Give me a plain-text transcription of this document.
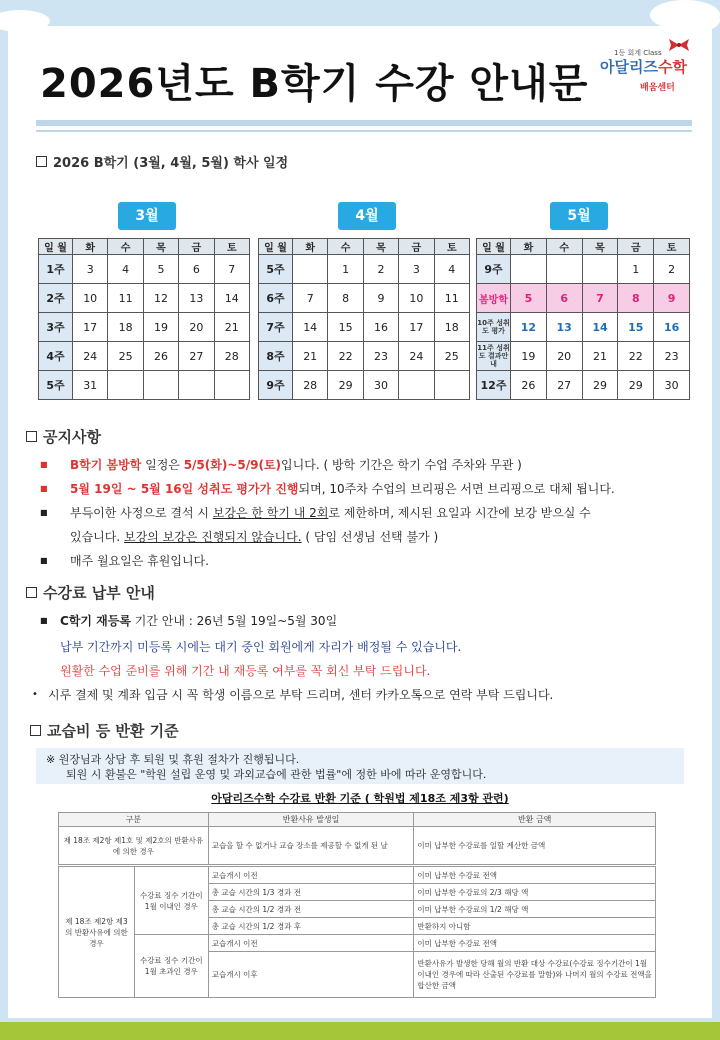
2026년도 B학기 수강 안내문
1등 회계 Class
아달리즈수학
배움센터
2026 B학기 (3월, 4월, 5월) 학사 일정
3월	4월	5월
일 월	화	수	목	금	토
1주	3	4	5	6	7
2주	10	11	12	13	14
3주	17	18	19	20	21
4주	24	25	26	27	28
5주	31				
일 월	화	수	목	금	토
5주		1	2	3	4
6주	7	8	9	10	11
7주	14	15	16	17	18
8주	21	22	23	24	25
9주	28	29	30		
일 월	화	수	목	금	토
9주				1	2
봄방학	5	6	7	8	9
10주 성취도 평가	12	13	14	15	16
11주 성취도 결과안내	19	20	21	22	23
12주	26	27	29	29	30
공지사항
■ B학기 봄방학 일정은 5/5(화)~5/9(토)입니다. ( 방학 기간은 학기 수업 주차와 무관 )
■ 5월 19일 ~ 5월 16일 성취도 평가가 진행되며, 10주차 수업의 브리핑은 서면 브리핑으로 대체 됩니다.
■ 부득이한 사정으로 결석 시 보강은 한 학기 내 2회로 제한하며, 제시된 요일과 시간에 보강 받으실 수
있습니다. 보강의 보강은 진행되지 않습니다. ( 담임 선생님 선택 불가 )
■ 매주 월요일은 휴원입니다.
수강료 납부 안내
■ C학기 재등록 기간 안내 : 26년 5월 19일~5월 30일
납부 기간까지 미등록 시에는 대기 중인 회원에게 자리가 배정될 수 있습니다.
원활한 수업 준비를 위해 기간 내 재등록 여부를 꼭 회신 부탁 드립니다.
• 시루 결제 및 계좌 입금 시 꼭 학생 이름으로 부탁 드리며, 센터 카카오톡으로 연락 부탁 드립니다.
교습비 등 반환 기준
※ 원장님과 상담 후 퇴원 및 휴원 절차가 진행됩니다.
퇴원 시 환불은 "학원 설립 운영 및 과외교습에 관한 법률"에 정한 바에 따라 운영합니다.
아담리즈수학 수강료 반환 기준 ( 학원법 제18조 제3항 관련)
구분	반환사유 발생일	반환 금액
제 18조 제2항 제1호 및 제2호의 반환사유에 의한 경우	교습을 할 수 없거나 교습 장소를 제공할 수 없게 된 날	이미 납부한 수강료를 일할 계산한 금액
제 18조 제2항 제3의 반환사유에 의한 경우	수강료 징수 기간이 1월 이내인 경우	교습개시 이전	이미 납부한 수강료 전액
		총 교습 시간의 1/3 경과 전	이미 납부한 수강료의 2/3 해당 액
		총 교습 시간의 1/2 경과 전	이미 납부한 수강료의 1/2 해당 액
		총 교습 시간의 1/2 경과 후	반환하지 아니함
	수강료 징수 기간이 1월 초과인 경우	교습개시 이전	이미 납부한 수강료 전액
		교습개시 이후	반환사유가 발생한 당해 월의 반환 대상 수강료(수강료 징수기간이 1월 이내인 경우에 따라 산출된 수강료를 말함)와 나머지 월의 수강료 전액을 합산한 금액
